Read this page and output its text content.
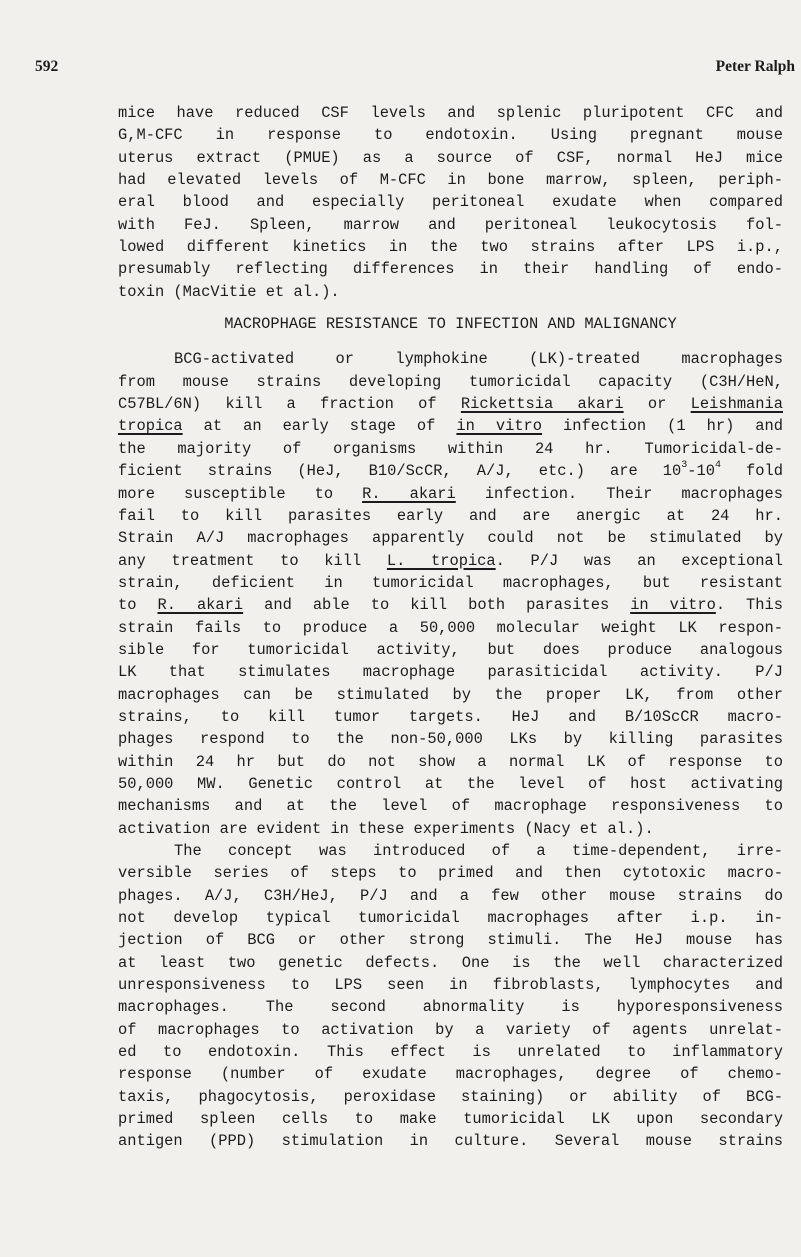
592	Peter Ralph
mice have reduced CSF levels and splenic pluripotent CFC and
G,M-CFC in response to endotoxin. Using pregnant mouse
uterus extract (PMUE) as a source of CSF, normal HeJ mice
had elevated levels of M-CFC in bone marrow, spleen, periph-
eral blood and especially peritoneal exudate when compared
with FeJ. Spleen, marrow and peritoneal leukocytosis fol-
lowed different kinetics in the two strains after LPS i.p.,
presumably reflecting differences in their handling of endo-
toxin (MacVitie et al.).
MACROPHAGE RESISTANCE TO INFECTION AND MALIGNANCY
BCG-activated or lymphokine (LK)-treated macrophages
from mouse strains developing tumoricidal capacity (C3H/HeN,
C57BL/6N) kill a fraction of Rickettsia akari or Leishmania
tropica at an early stage of in vitro infection (1 hr) and
the majority of organisms within 24 hr. Tumoricidal-de-
ficient strains (HeJ, B10/ScCR, A/J, etc.) are $10^3-10^4$ fold
more susceptible to R. akari infection. Their macrophages
fail to kill parasites early and are anergic at 24 hr.
Strain A/J macrophages apparently could not be stimulated by
any treatment to kill L. tropica. P/J was an exceptional
strain, deficient in tumoricidal macrophages, but resistant
to R. akari and able to kill both parasites in vitro. This
strain fails to produce a 50,000 molecular weight LK respon-
sible for tumoricidal activity, but does produce analogous
LK that stimulates macrophage parasiticidal activity. P/J
macrophages can be stimulated by the proper LK, from other
strains, to kill tumor targets. HeJ and B/10ScCR macro-
phages respond to the non-50,000 LKs by killing parasites
within 24 hr but do not show a normal LK of response to
50,000 MW. Genetic control at the level of host activating
mechanisms and at the level of macrophage responsiveness to
activation are evident in these experiments (Nacy et al.).
The concept was introduced of a time-dependent, irre-
versible series of steps to primed and then cytotoxic macro-
phages. A/J, C3H/HeJ, P/J and a few other mouse strains do
not develop typical tumoricidal macrophages after i.p. in-
jection of BCG or other strong stimuli. The HeJ mouse has
at least two genetic defects. One is the well characterized
unresponsiveness to LPS seen in fibroblasts, lymphocytes and
macrophages. The second abnormality is hyporesponsiveness
of macrophages to activation by a variety of agents unrelat-
ed to endotoxin. This effect is unrelated to inflammatory
response (number of exudate macrophages, degree of chemo-
taxis, phagocytosis, peroxidase staining) or ability of BCG-
primed spleen cells to make tumoricidal LK upon secondary
antigen (PPD) stimulation in culture. Several mouse strains
